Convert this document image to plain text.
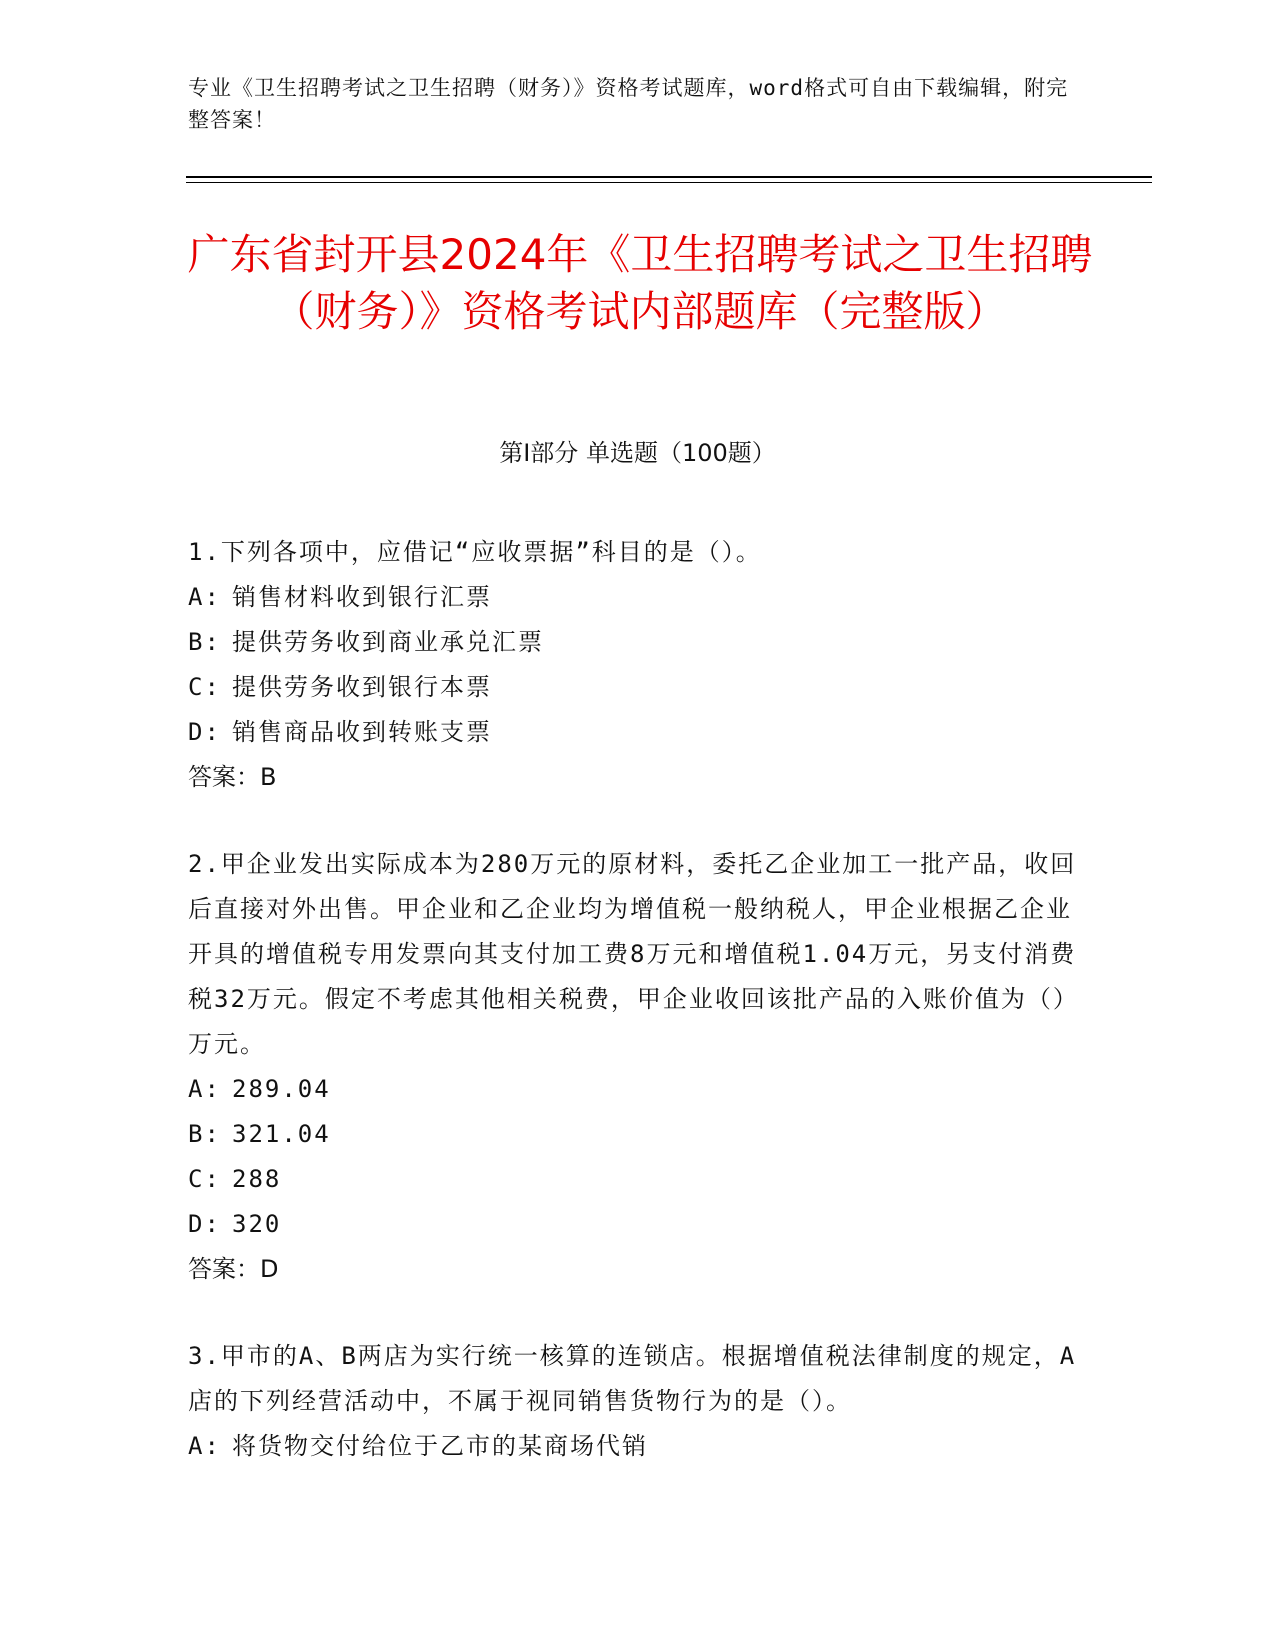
专业《卫生招聘考试之卫生招聘（财务）》资格考试题库，word格式可自由下载编辑，附完整答案！
广东省封开县2024年《卫生招聘考试之卫生招聘（财务）》资格考试内部题库（完整版）
第Ⅰ部分 单选题（100题）

1.下列各项中，应借记“应收票据”科目的是（）。

A: 销售材料收到银行汇票
B: 提供劳务收到商业承兑汇票
C: 提供劳务收到银行本票
D: 销售商品收到转账支票
答案：B

2.甲企业发出实际成本为280万元的原材料，委托乙企业加工一批产品，收回后直接对外出售。甲企业和乙企业均为增值税一般纳税人，甲企业根据乙企业开具的增值税专用发票向其支付加工费8万元和增值税1.04万元，另支付消费税32万元。假定不考虑其他相关税费，甲企业收回该批产品的入账价值为（）万元。

A: 289.04
B: 321.04
C: 288
D: 320
答案：D

3.甲市的A、B两店为实行统一核算的连锁店。根据增值税法律制度的规定，A店的下列经营活动中，不属于视同销售货物行为的是（）。

A: 将货物交付给位于乙市的某商场代销
